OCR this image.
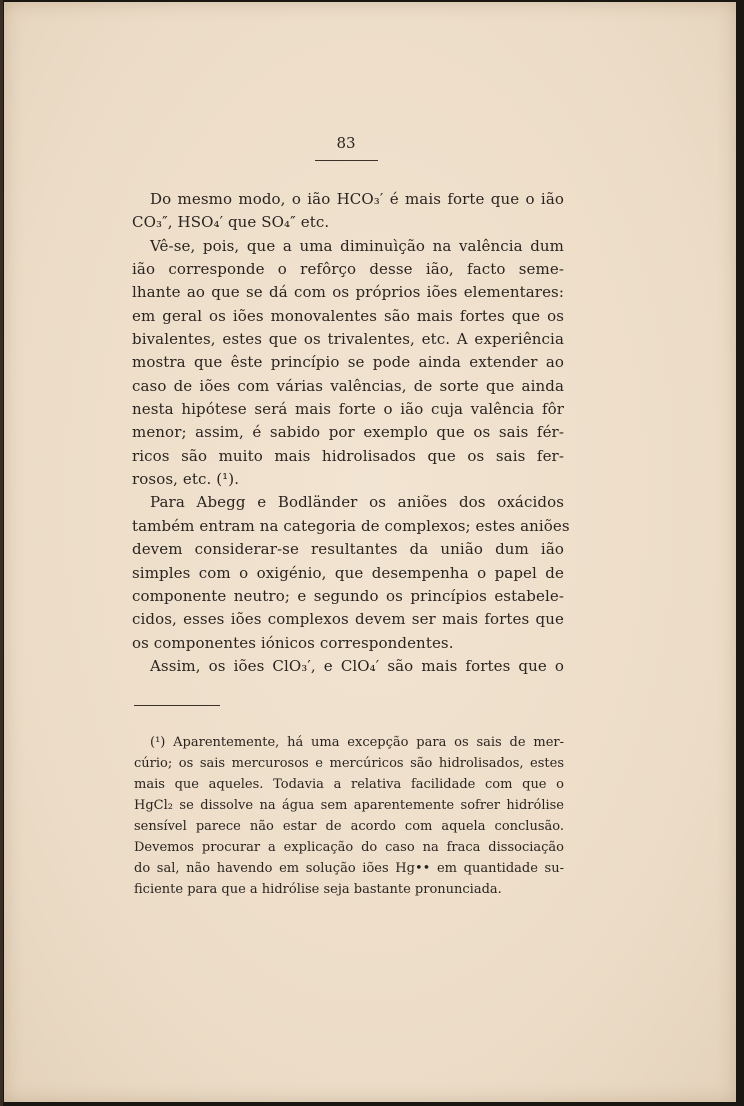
83
Do mesmo modo, o ião HCO₃′ é mais forte que o ião
CO₃″, HSO₄′ que SO₄″ etc.
Vê-se, pois, que a uma diminuìção na valência dum
ião corresponde o refôrço desse ião, facto seme-
lhante ao que se dá com os próprios iões elementares:
em geral os iões monovalentes são mais fortes que os
bivalentes, estes que os trivalentes, etc. A experiência
mostra que êste princípio se pode ainda extender ao
caso de iões com várias valências, de sorte que ainda
nesta hipótese será mais forte o ião cuja valência fôr
menor; assim, é sabido por exemplo que os sais fér-
ricos são muito mais hidrolisados que os sais fer-
rosos, etc. (¹).
Para Abegg e Bodländer os aniões dos oxácidos
também entram na categoria de complexos; estes aniões
devem considerar-se resultantes da união dum ião
simples com o oxigénio, que desempenha o papel de
componente neutro; e segundo os princípios estabele-
cidos, esses iões complexos devem ser mais fortes que
os componentes iónicos correspondentes.
Assim, os iões ClO₃′, e ClO₄′ são mais fortes que o
(¹) Aparentemente, há uma excepção para os sais de mer-
cúrio; os sais mercurosos e mercúricos são hidrolisados, estes
mais que aqueles. Todavia a relativa facilidade com que o
HgCl₂ se dissolve na água sem aparentemente sofrer hidrólise
sensível parece não estar de acordo com aquela conclusão.
Devemos procurar a explicação do caso na fraca dissociação
do sal, não havendo em solução iões Hg•• em quantidade su-
ficiente para que a hidrólise seja bastante pronunciada.
